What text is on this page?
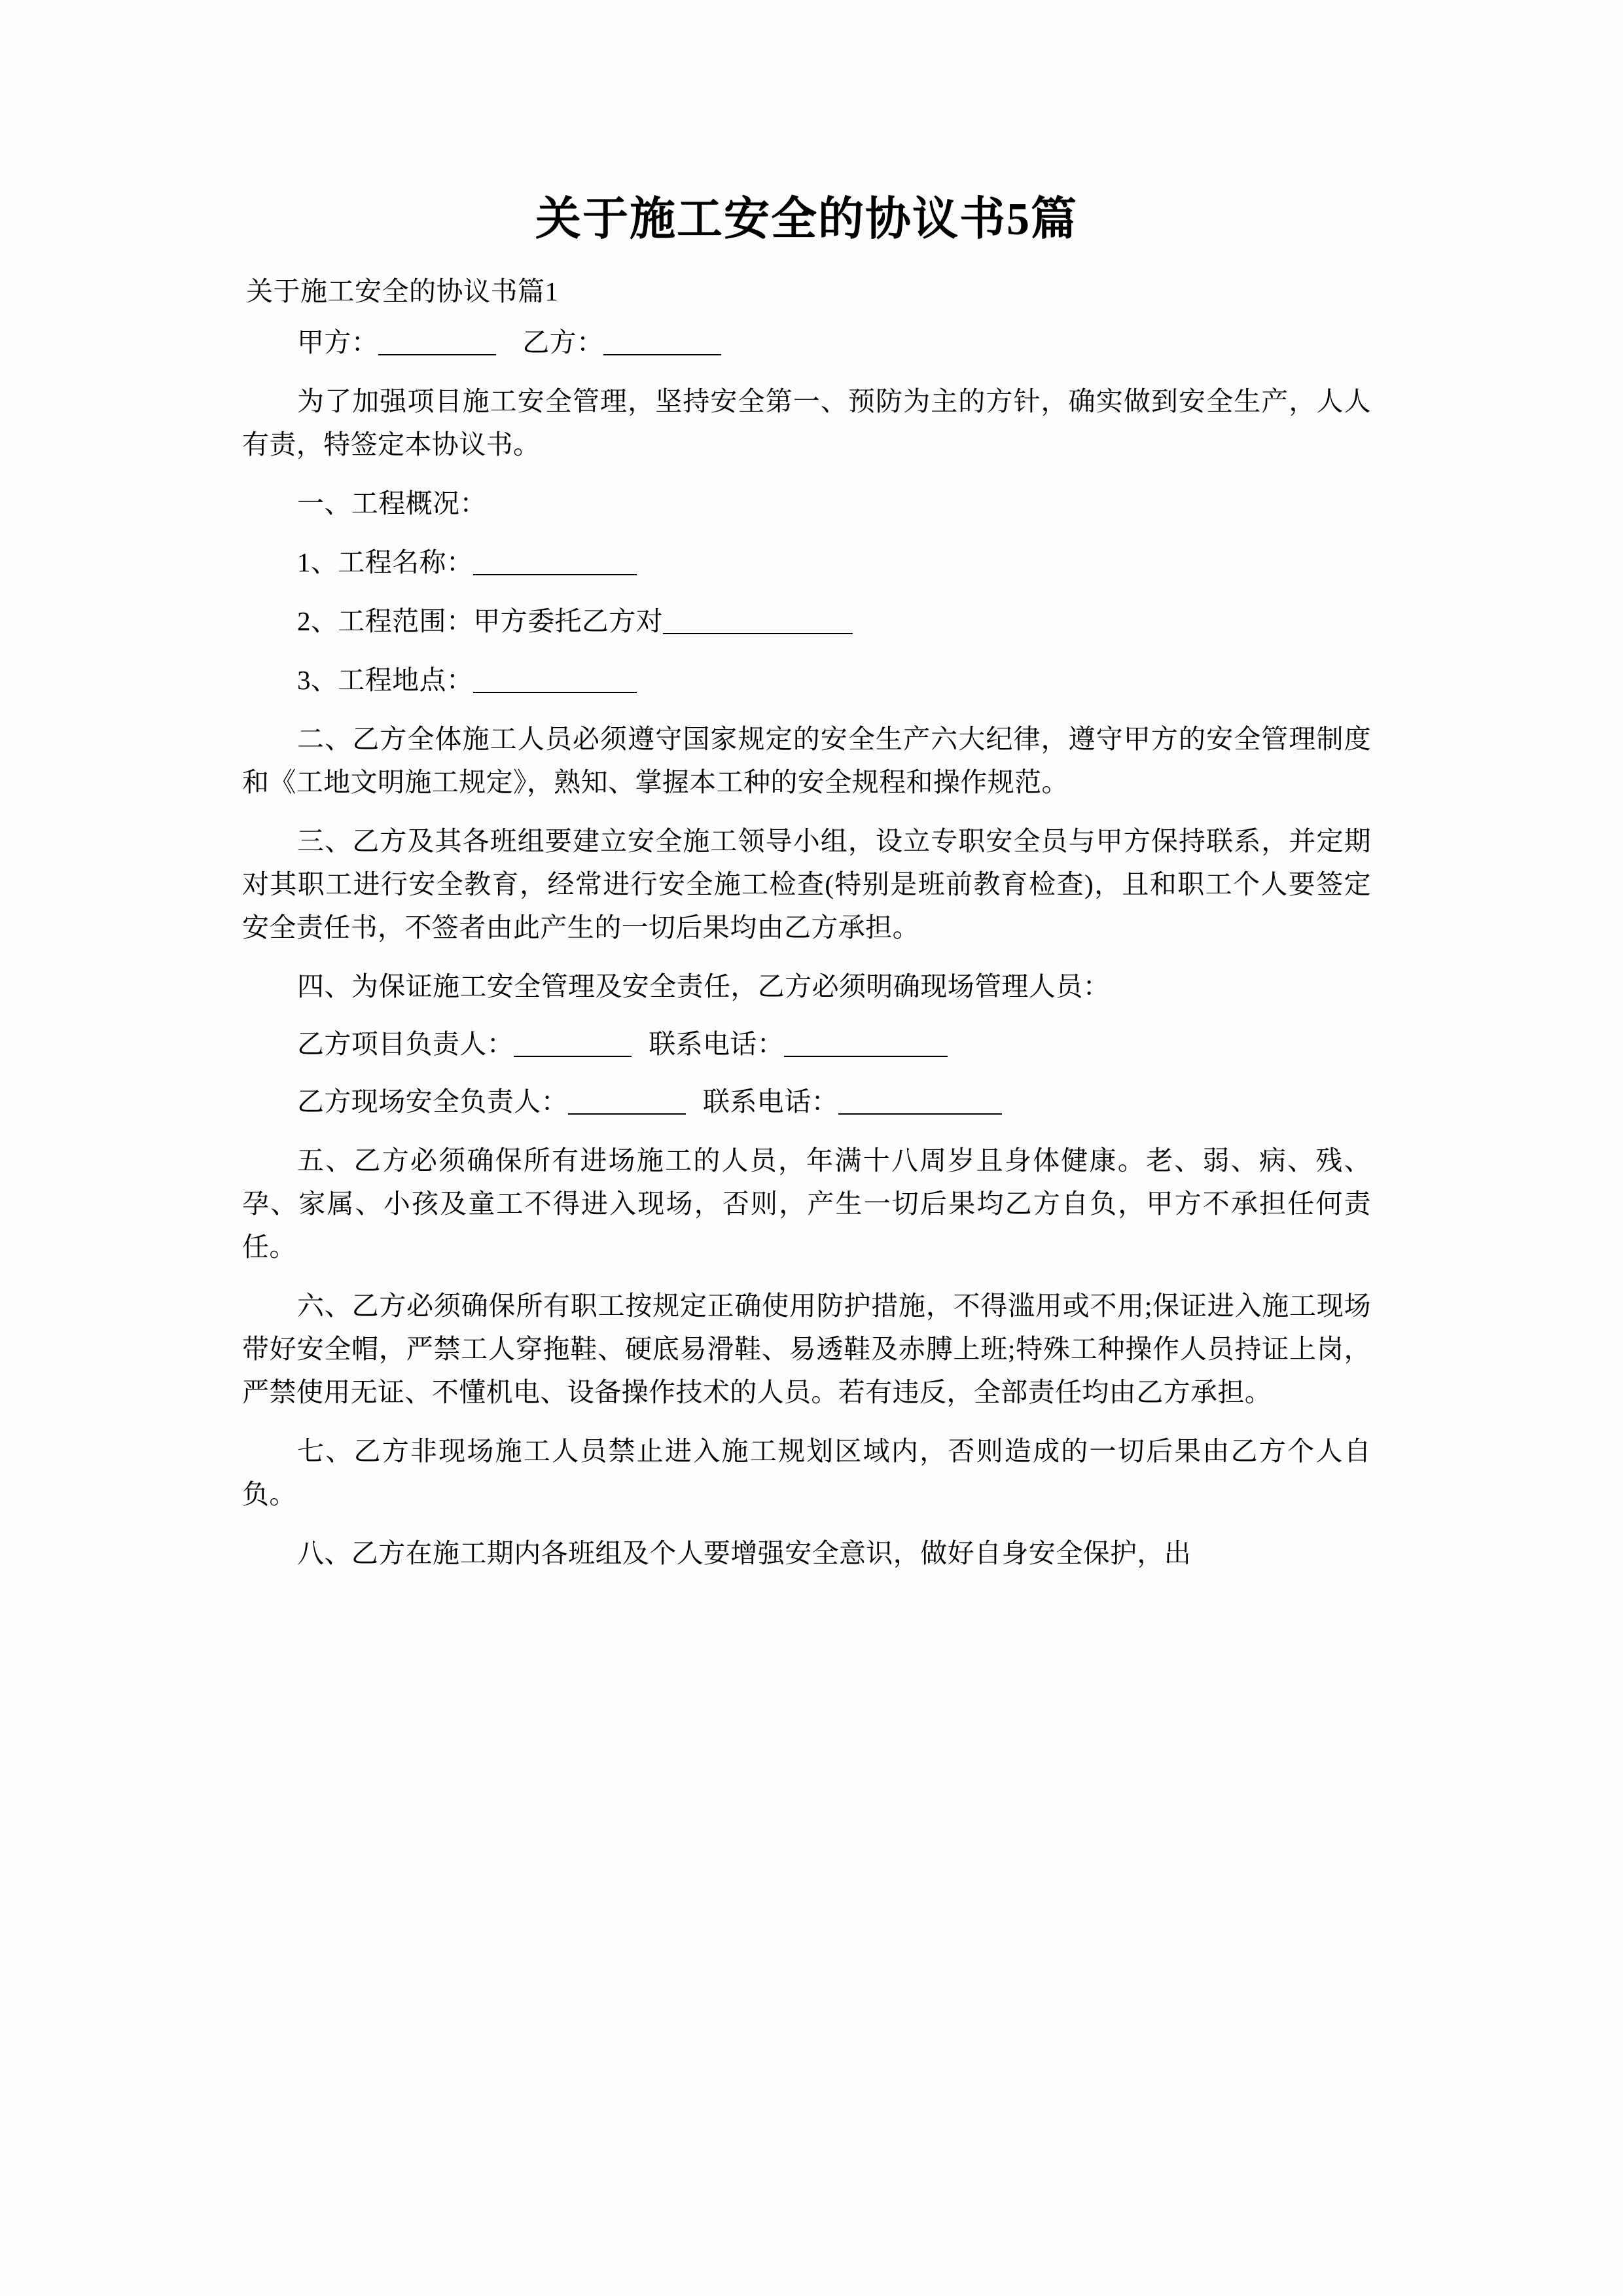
关于施工安全的协议书5篇

关于施工安全的协议书篇1

甲方：	乙方：

为了加强项目施工安全管理，坚持安全第一、预防为主的方针，确实做到安全生产，人人有责，特签定本协议书。

一、工程概况：

1、工程名称：

2、工程范围：甲方委托乙方对

3、工程地点：

二、乙方全体施工人员必须遵守国家规定的安全生产六大纪律，遵守甲方的安全管理制度和《工地文明施工规定》，熟知、掌握本工种的安全规程和操作规范。

三、乙方及其各班组要建立安全施工领导小组，设立专职安全员与甲方保持联系，并定期对其职工进行安全教育，经常进行安全施工检查(特别是班前教育检查)，且和职工个人要签定安全责任书，不签者由此产生的一切后果均由乙方承担。

四、为保证施工安全管理及安全责任，乙方必须明确现场管理人员：

乙方项目负责人：	联系电话：

乙方现场安全负责人：	联系电话：

五、乙方必须确保所有进场施工的人员，年满十八周岁且身体健康。老、弱、病、残、孕、家属、小孩及童工不得进入现场，否则，产生一切后果均乙方自负，甲方不承担任何责任。

六、乙方必须确保所有职工按规定正确使用防护措施，不得滥用或不用;保证进入施工现场带好安全帽，严禁工人穿拖鞋、硬底易滑鞋、易透鞋及赤膊上班;特殊工种操作人员持证上岗，严禁使用无证、不懂机电、设备操作技术的人员。若有违反，全部责任均由乙方承担。

七、乙方非现场施工人员禁止进入施工规划区域内，否则造成的一切后果由乙方个人自负。

八、乙方在施工期内各班组及个人要增强安全意识，做好自身安全保护，出
